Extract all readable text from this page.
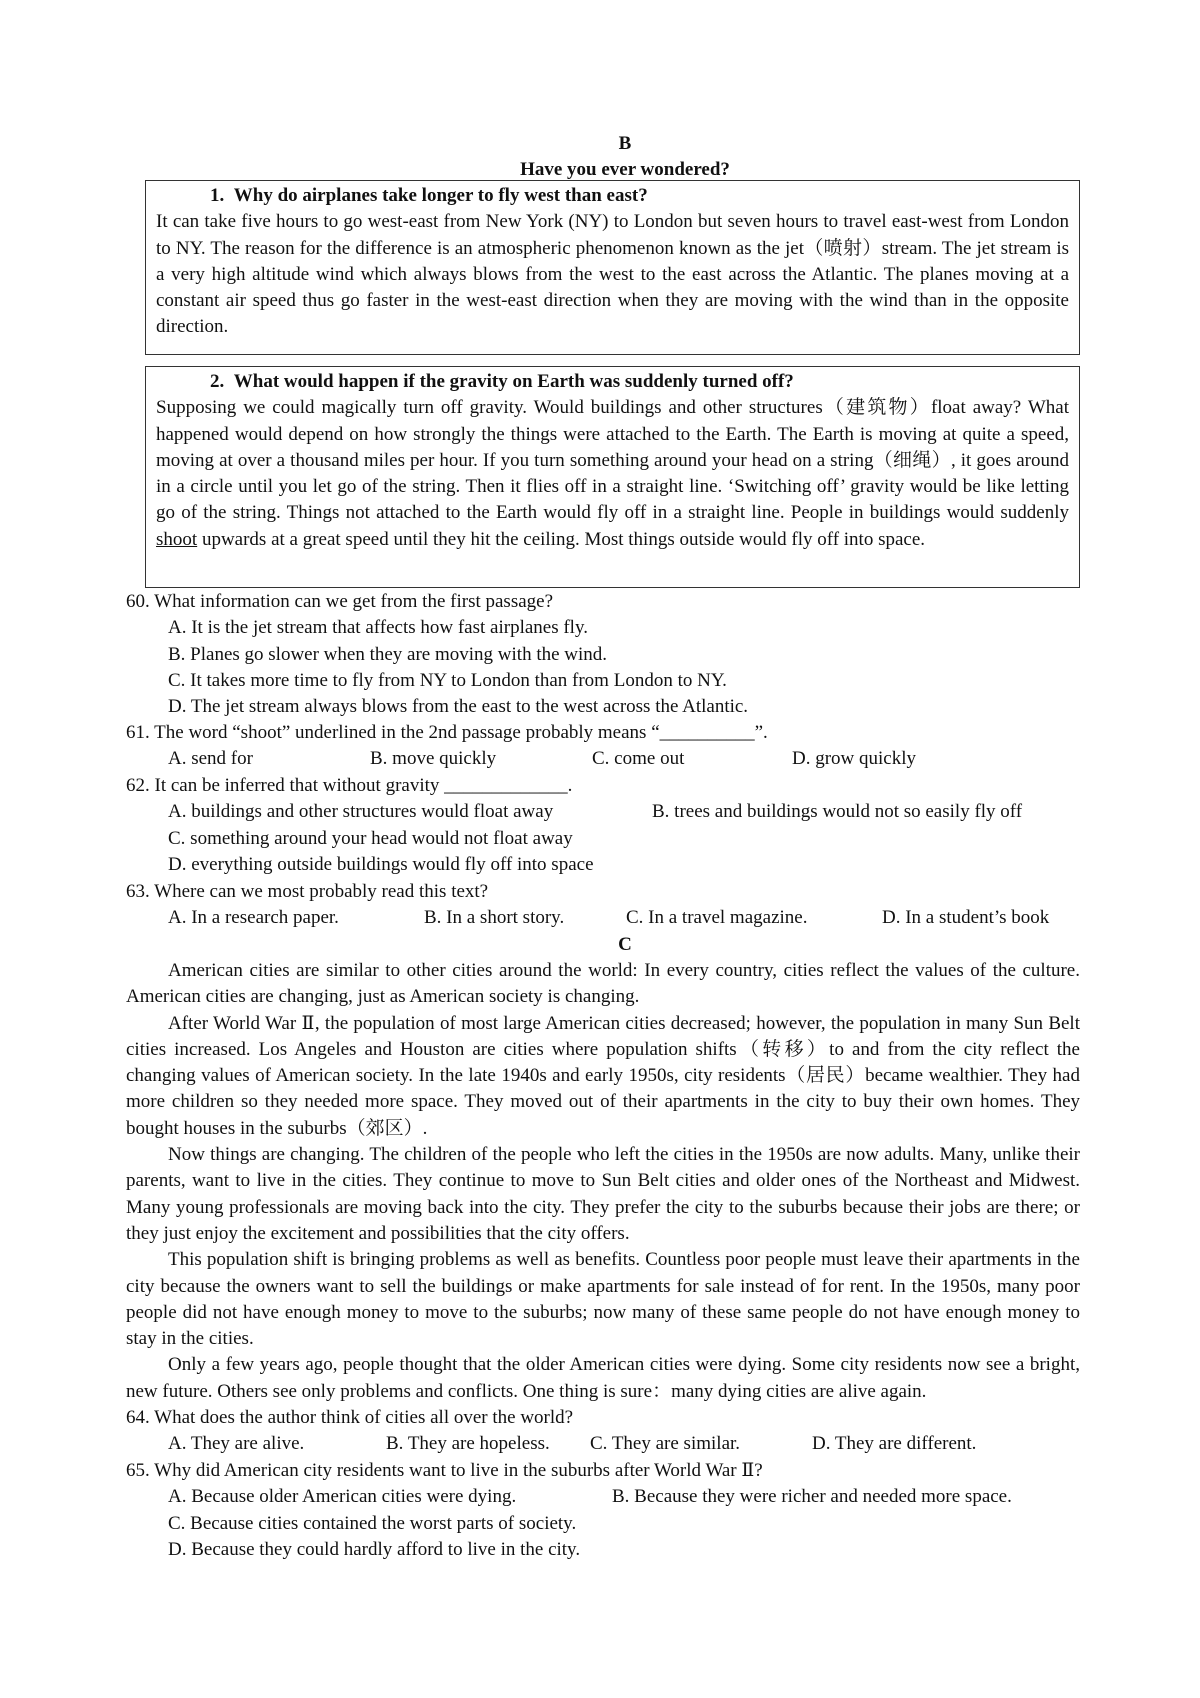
B
Have you ever wondered?
1.  Why do airplanes take longer to fly west than east?

It can take five hours to go west-east from New York (NY) to London but seven hours to travel east-west from London to NY. The reason for the difference is an atmospheric phenomenon known as the jet（喷射）stream. The jet stream is a very high altitude wind which always blows from the west to the east across the Atlantic. The planes moving at a constant air speed thus go faster in the west-east direction when they are moving with the wind than in the opposite direction.

2.  What would happen if the gravity on Earth was suddenly turned off?

Supposing we could magically turn off gravity. Would buildings and other structures（建筑物）float away? What happened would depend on how strongly the things were attached to the Earth. The Earth is moving at quite a speed, moving at over a thousand miles per hour. If you turn something around your head on a string（细绳）, it goes around in a circle until you let go of the string. Then it flies off in a straight line. ‘Switching off’ gravity would be like letting go of the string. Things not attached to the Earth would fly off in a straight line. People in buildings would suddenly shoot upwards at a great speed until they hit the ceiling. Most things outside would fly off into space.

60. What information can we get from the first passage?
A. It is the jet stream that affects how fast airplanes fly.
B. Planes go slower when they are moving with the wind.
C. It takes more time to fly from NY to London than from London to NY.
D. The jet stream always blows from the east to the west across the Atlantic.
61. The word “shoot” underlined in the 2nd passage probably means “__________”.
A. send for	B. move quickly	C. come out	D. grow quickly
62. It can be inferred that without gravity _____________.
A. buildings and other structures would float away	B. trees and buildings would not so easily fly off
C. something around your head would not float away
D. everything outside buildings would fly off into space
63. Where can we most probably read this text?
A. In a research paper.	B. In a short story.	C. In a travel magazine.	D. In a student’s book
C

American cities are similar to other cities around the world: In every country, cities reflect the values of the culture. American cities are changing, just as American society is changing.

After World War Ⅱ, the population of most large American cities decreased; however, the population in many Sun Belt cities increased. Los Angeles and Houston are cities where population shifts（转移）to and from the city reflect the changing values of American society. In the late 1940s and early 1950s, city residents（居民）became wealthier. They had more children so they needed more space. They moved out of their apartments in the city to buy their own homes. They bought houses in the suburbs（郊区）.

Now things are changing. The children of the people who left the cities in the 1950s are now adults. Many, unlike their parents, want to live in the cities. They continue to move to Sun Belt cities and older ones of the Northeast and Midwest. Many young professionals are moving back into the city. They prefer the city to the suburbs because their jobs are there; or they just enjoy the excitement and possibilities that the city offers.

This population shift is bringing problems as well as benefits. Countless poor people must leave their apartments in the city because the owners want to sell the buildings or make apartments for sale instead of for rent. In the 1950s, many poor people did not have enough money to move to the suburbs; now many of these same people do not have enough money to stay in the cities.

Only a few years ago, people thought that the older American cities were dying. Some city residents now see a bright, new future. Others see only problems and conflicts. One thing is sure：many dying cities are alive again.

64. What does the author think of cities all over the world?
A. They are alive.	B. They are hopeless. C. They are similar.	D. They are different.
65. Why did American city residents want to live in the suburbs after World War Ⅱ?
A. Because older American cities were dying.	B. Because they were richer and needed more space.
C. Because cities contained the worst parts of society.
D. Because they could hardly afford to live in the city.
